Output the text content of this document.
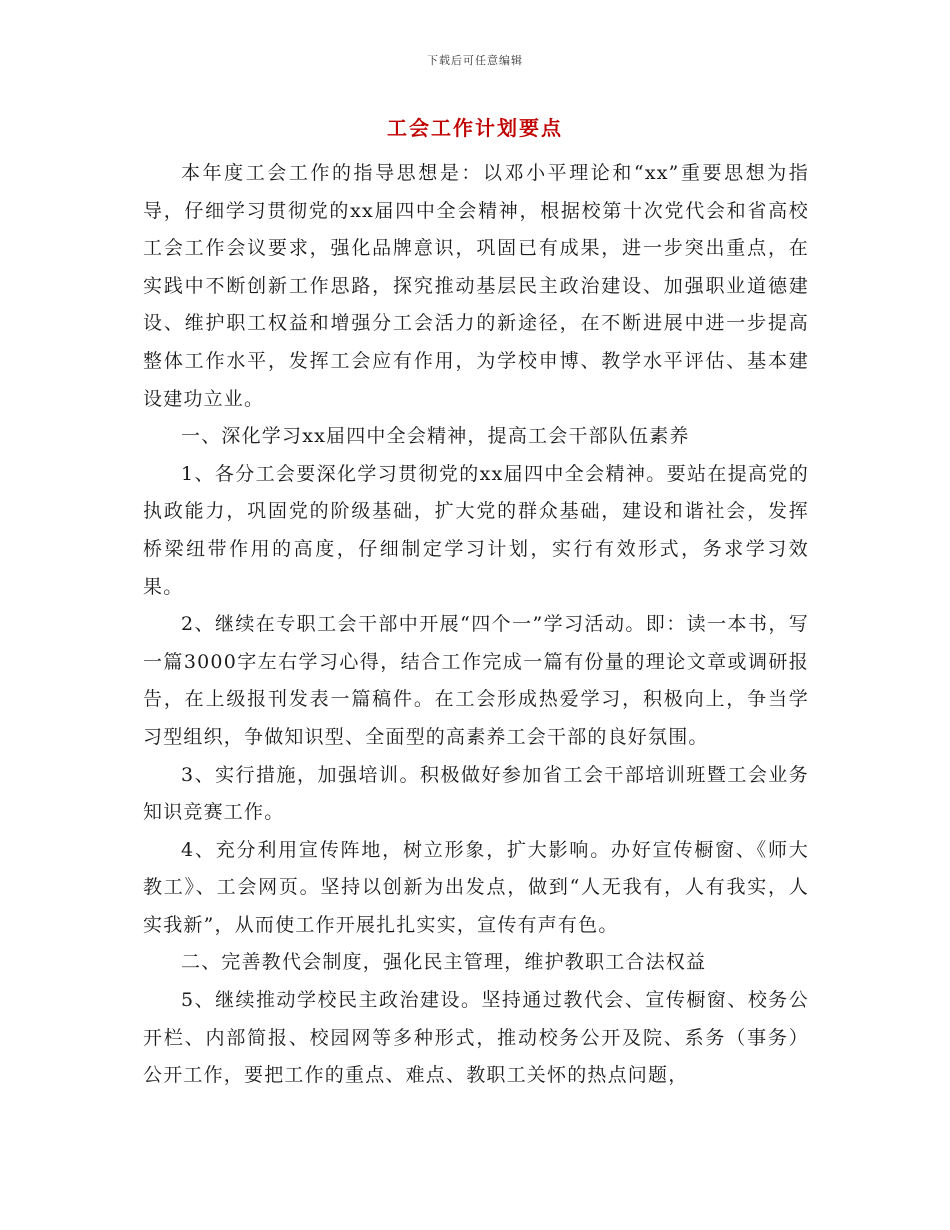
下载后可任意编辑
工会工作计划要点

本年度工会工作的指导思想是：以邓小平理论和“xx”重要思想为指导，仔细学习贯彻党的xx届四中全会精神，根据校第十次党代会和省高校工会工作会议要求，强化品牌意识，巩固已有成果，进一步突出重点，在实践中不断创新工作思路，探究推动基层民主政治建设、加强职业道德建设、维护职工权益和增强分工会活力的新途径，在不断进展中进一步提高整体工作水平，发挥工会应有作用，为学校申博、教学水平评估、基本建设建功立业。

一、深化学习xx届四中全会精神，提高工会干部队伍素养

1、各分工会要深化学习贯彻党的xx届四中全会精神。要站在提高党的执政能力，巩固党的阶级基础，扩大党的群众基础，建设和谐社会，发挥桥梁纽带作用的高度，仔细制定学习计划，实行有效形式，务求学习效果。

2、继续在专职工会干部中开展“四个一”学习活动。即：读一本书，写一篇3000字左右学习心得，结合工作完成一篇有份量的理论文章或调研报告，在上级报刊发表一篇稿件。在工会形成热爱学习，积极向上，争当学习型组织，争做知识型、全面型的高素养工会干部的良好氛围。

3、实行措施，加强培训。积极做好参加省工会干部培训班暨工会业务知识竞赛工作。

4、充分利用宣传阵地，树立形象，扩大影响。办好宣传橱窗、《师大教工》、工会网页。坚持以创新为出发点，做到“人无我有，人有我实，人实我新”，从而使工作开展扎扎实实，宣传有声有色。

二、完善教代会制度，强化民主管理，维护教职工合法权益

5、继续推动学校民主政治建设。坚持通过教代会、宣传橱窗、校务公开栏、内部简报、校园网等多种形式，推动校务公开及院、系务（事务）公开工作，要把工作的重点、难点、教职工关怀的热点问题，
